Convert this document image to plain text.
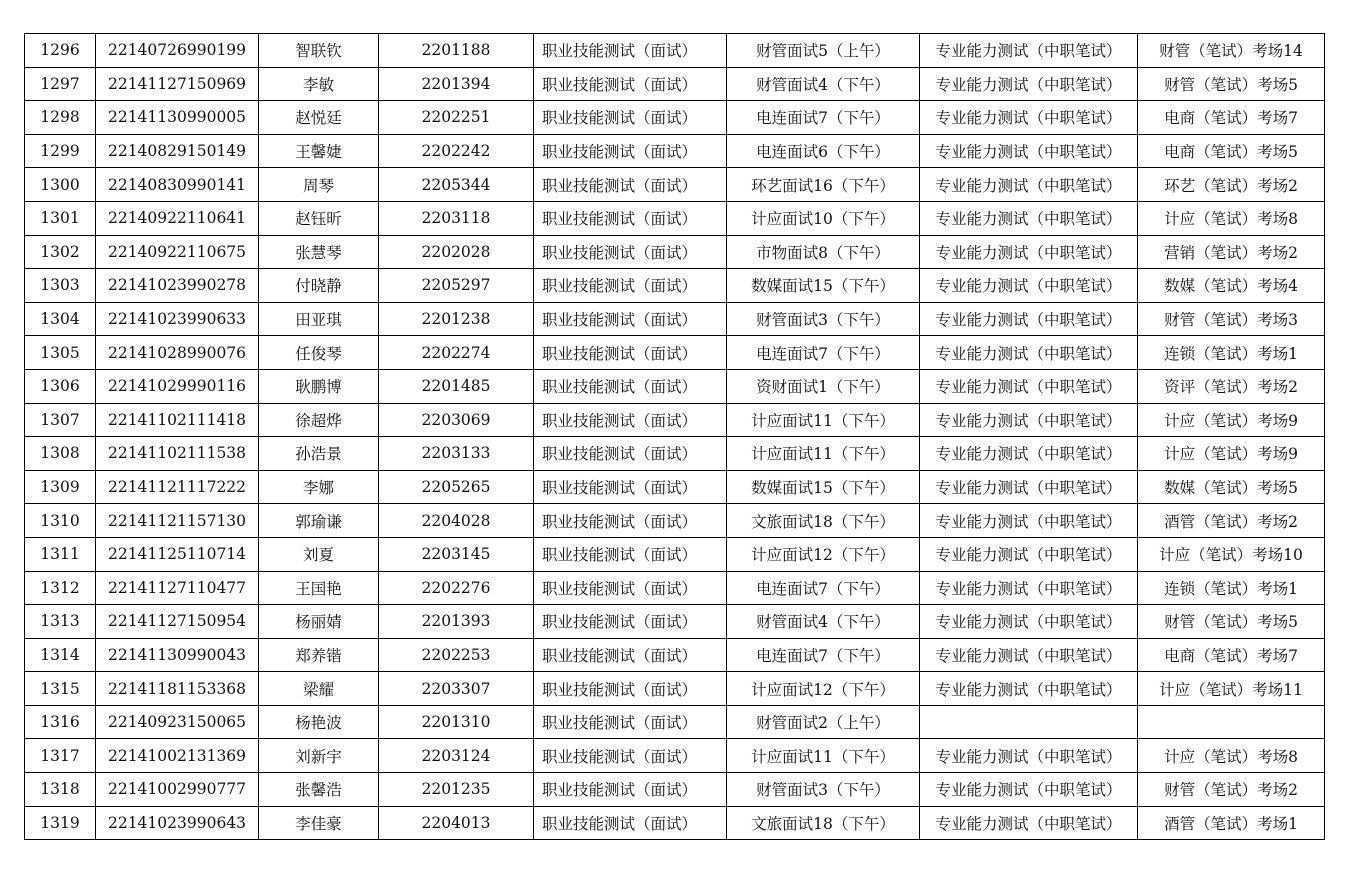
1296	22140726990199	智联钦	2201188	职业技能测试（面试）	财管面试5（上午）	专业能力测试（中职笔试）	财管（笔试）考场14
1297	22141127150969	李敏	2201394	职业技能测试（面试）	财管面试4（下午）	专业能力测试（中职笔试）	财管（笔试）考场5
1298	22141130990005	赵悦廷	2202251	职业技能测试（面试）	电连面试7（下午）	专业能力测试（中职笔试）	电商（笔试）考场7
1299	22140829150149	王馨婕	2202242	职业技能测试（面试）	电连面试6（下午）	专业能力测试（中职笔试）	电商（笔试）考场5
1300	22140830990141	周琴	2205344	职业技能测试（面试）	环艺面试16（下午）	专业能力测试（中职笔试）	环艺（笔试）考场2
1301	22140922110641	赵钰昕	2203118	职业技能测试（面试）	计应面试10（下午）	专业能力测试（中职笔试）	计应（笔试）考场8
1302	22140922110675	张慧琴	2202028	职业技能测试（面试）	市物面试8（下午）	专业能力测试（中职笔试）	营销（笔试）考场2
1303	22141023990278	付晓静	2205297	职业技能测试（面试）	数媒面试15（下午）	专业能力测试（中职笔试）	数媒（笔试）考场4
1304	22141023990633	田亚琪	2201238	职业技能测试（面试）	财管面试3（下午）	专业能力测试（中职笔试）	财管（笔试）考场3
1305	22141028990076	任俊琴	2202274	职业技能测试（面试）	电连面试7（下午）	专业能力测试（中职笔试）	连锁（笔试）考场1
1306	22141029990116	耿鹏博	2201485	职业技能测试（面试）	资财面试1（下午）	专业能力测试（中职笔试）	资评（笔试）考场2
1307	22141102111418	徐超烨	2203069	职业技能测试（面试）	计应面试11（下午）	专业能力测试（中职笔试）	计应（笔试）考场9
1308	22141102111538	孙浩景	2203133	职业技能测试（面试）	计应面试11（下午）	专业能力测试（中职笔试）	计应（笔试）考场9
1309	22141121117222	李娜	2205265	职业技能测试（面试）	数媒面试15（下午）	专业能力测试（中职笔试）	数媒（笔试）考场5
1310	22141121157130	郭瑜谦	2204028	职业技能测试（面试）	文旅面试18（下午）	专业能力测试（中职笔试）	酒管（笔试）考场2
1311	22141125110714	刘夏	2203145	职业技能测试（面试）	计应面试12（下午）	专业能力测试（中职笔试）	计应（笔试）考场10
1312	22141127110477	王国艳	2202276	职业技能测试（面试）	电连面试7（下午）	专业能力测试（中职笔试）	连锁（笔试）考场1
1313	22141127150954	杨丽婧	2201393	职业技能测试（面试）	财管面试4（下午）	专业能力测试（中职笔试）	财管（笔试）考场5
1314	22141130990043	郑养锴	2202253	职业技能测试（面试）	电连面试7（下午）	专业能力测试（中职笔试）	电商（笔试）考场7
1315	22141181153368	梁耀	2203307	职业技能测试（面试）	计应面试12（下午）	专业能力测试（中职笔试）	计应（笔试）考场11
1316	22140923150065	杨艳波	2201310	职业技能测试（面试）	财管面试2（上午）		
1317	22141002131369	刘新宇	2203124	职业技能测试（面试）	计应面试11（下午）	专业能力测试（中职笔试）	计应（笔试）考场8
1318	22141002990777	张馨浩	2201235	职业技能测试（面试）	财管面试3（下午）	专业能力测试（中职笔试）	财管（笔试）考场2
1319	22141023990643	李佳豪	2204013	职业技能测试（面试）	文旅面试18（下午）	专业能力测试（中职笔试）	酒管（笔试）考场1
